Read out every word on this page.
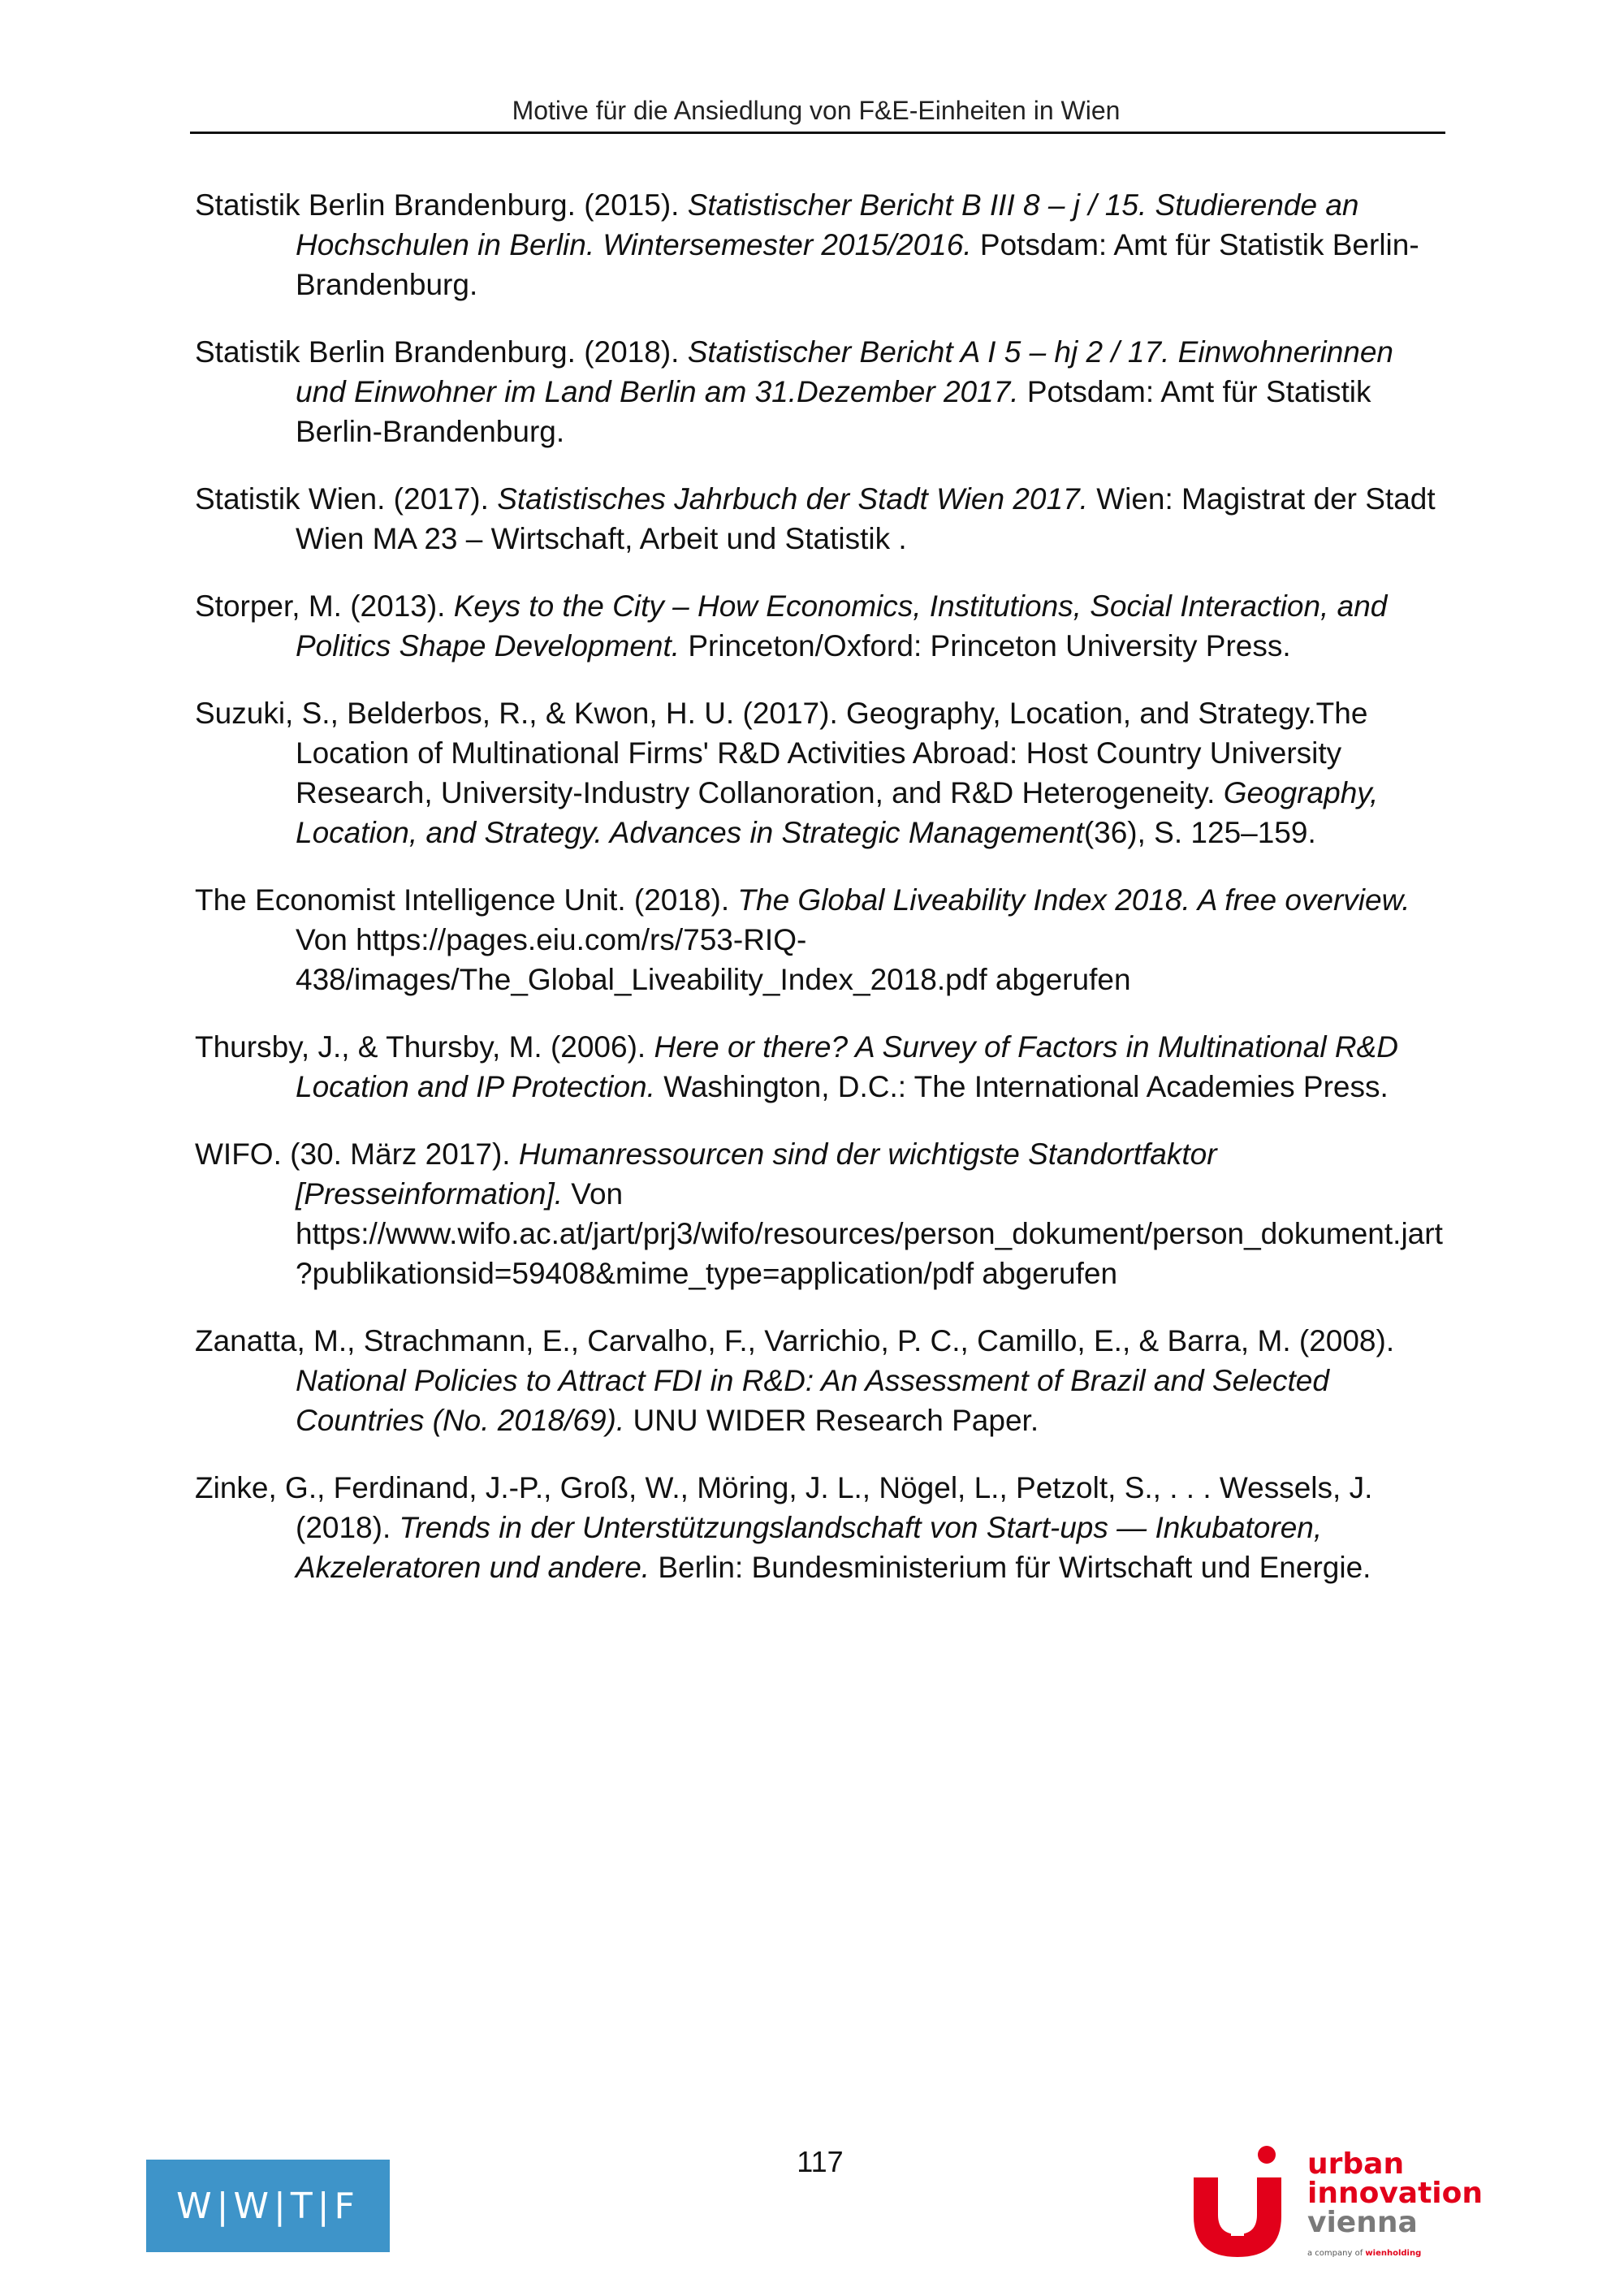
Motive für die Ansiedlung von F&E-Einheiten in Wien

Statistik Berlin Brandenburg. (2015). Statistischer Bericht B III 8 – j / 15. Studierende an Hochschulen in Berlin. Wintersemester 2015/2016. Potsdam: Amt für Statistik Berlin-Brandenburg.

Statistik Berlin Brandenburg. (2018). Statistischer Bericht A I 5 – hj 2 / 17. Einwohnerinnen und Einwohner im Land Berlin am 31.Dezember 2017. Potsdam: Amt für Statistik Berlin-Brandenburg.

Statistik Wien. (2017). Statistisches Jahrbuch der Stadt Wien 2017. Wien: Magistrat der Stadt Wien MA 23 – Wirtschaft, Arbeit und Statistik .

Storper, M. (2013). Keys to the City – How Economics, Institutions, Social Interaction, and Politics Shape Development. Princeton/Oxford: Princeton University Press.

Suzuki, S., Belderbos, R., & Kwon, H. U. (2017). Geography, Location, and Strategy.The Location of Multinational Firms' R&D Activities Abroad: Host Country University Research, University-Industry Collanoration, and R&D Heterogeneity. Geography, Location, and Strategy. Advances in Strategic Management(36), S. 125–159.

The Economist Intelligence Unit. (2018). The Global Liveability Index 2018. A free overview. Von https://pages.eiu.com/rs/753-RIQ-438/images/The_Global_Liveability_Index_2018.pdf abgerufen

Thursby, J., & Thursby, M. (2006). Here or there? A Survey of Factors in Multinational R&D Location and IP Protection. Washington, D.C.: The International Academies Press.

WIFO. (30. März 2017). Humanressourcen sind der wichtigste Standortfaktor [Presseinformation]. Von https://www.wifo.ac.at/jart/prj3/wifo/resources/person_dokument/person_dokument.jart?publikationsid=59408&mime_type=application/pdf abgerufen

Zanatta, M., Strachmann, E., Carvalho, F., Varrichio, P. C., Camillo, E., & Barra, M. (2008). National Policies to Attract FDI in R&D: An Assessment of Brazil and Selected Countries (No. 2018/69). UNU WIDER Research Paper.

Zinke, G., Ferdinand, J.-P., Groß, W., Möring, J. L., Nögel, L., Petzolt, S., . . . Wessels, J. (2018). Trends in der Unterstützungslandschaft von Start-ups — Inkubatoren, Akzeleratoren und andere. Berlin: Bundesministerium für Wirtschaft und Energie.

117
W|W|T|F
urban
innovation
vienna
a company of wienholding
